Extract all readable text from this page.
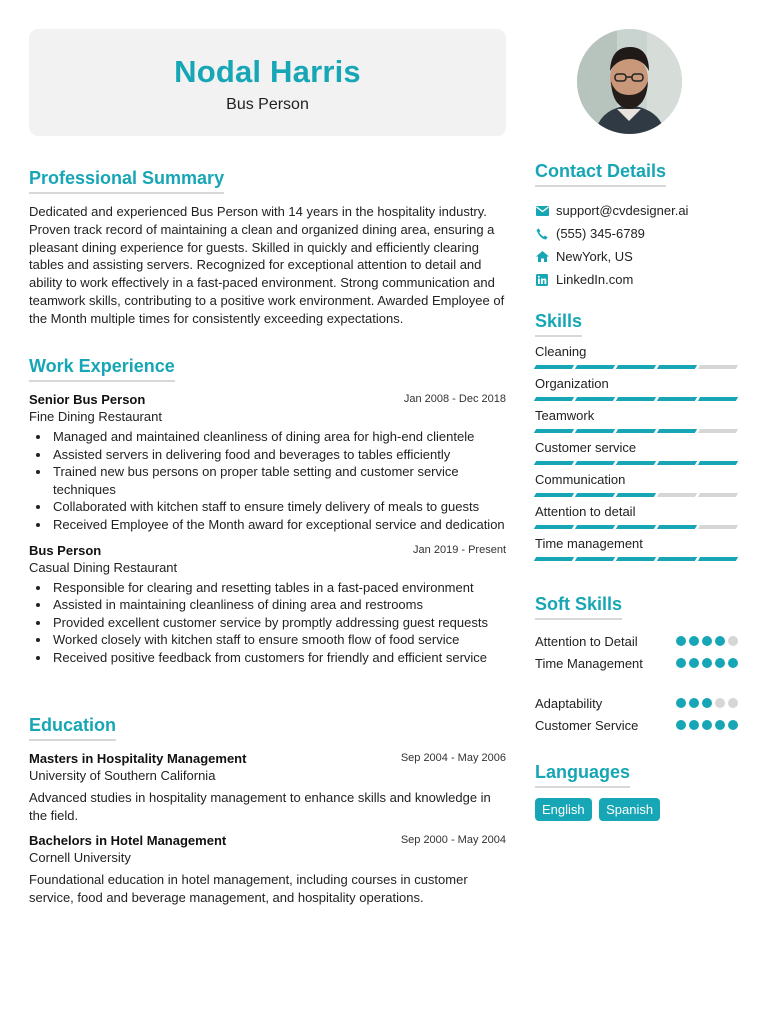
Nodal Harris
Bus Person
Professional Summary
Dedicated and experienced Bus Person with 14 years in the hospitality industry. Proven track record of maintaining a clean and organized dining area, ensuring a pleasant dining experience for guests. Skilled in quickly and efficiently clearing tables and assisting servers. Recognized for exceptional attention to detail and ability to work effectively in a fast-paced environment. Strong communication and teamwork skills, contributing to a positive work environment. Awarded Employee of the Month multiple times for consistently exceeding expectations.
Work Experience
Senior Bus Person	Jan 2008 - Dec 2018
Fine Dining Restaurant
Managed and maintained cleanliness of dining area for high-end clientele
Assisted servers in delivering food and beverages to tables efficiently
Trained new bus persons on proper table setting and customer service techniques
Collaborated with kitchen staff to ensure timely delivery of meals to guests
Received Employee of the Month award for exceptional service and dedication
Bus Person	Jan 2019 - Present
Casual Dining Restaurant
Responsible for clearing and resetting tables in a fast-paced environment
Assisted in maintaining cleanliness of dining area and restrooms
Provided excellent customer service by promptly addressing guest requests
Worked closely with kitchen staff to ensure smooth flow of food service
Received positive feedback from customers for friendly and efficient service
Education
Masters in Hospitality Management	Sep 2004 - May 2006
University of Southern California
Advanced studies in hospitality management to enhance skills and knowledge in the field.
Bachelors in Hotel Management	Sep 2000 - May 2004
Cornell University
Foundational education in hotel management, including courses in customer service, food and beverage management, and hospitality operations.
Contact Details
support@cvdesigner.ai
(555) 345-6789
NewYork, US
LinkedIn.com
Skills
Cleaning
Organization
Teamwork
Customer service
Communication
Attention to detail
Time management
Soft Skills
Attention to Detail
Time Management
Adaptability
Customer Service
Languages
English Spanish
